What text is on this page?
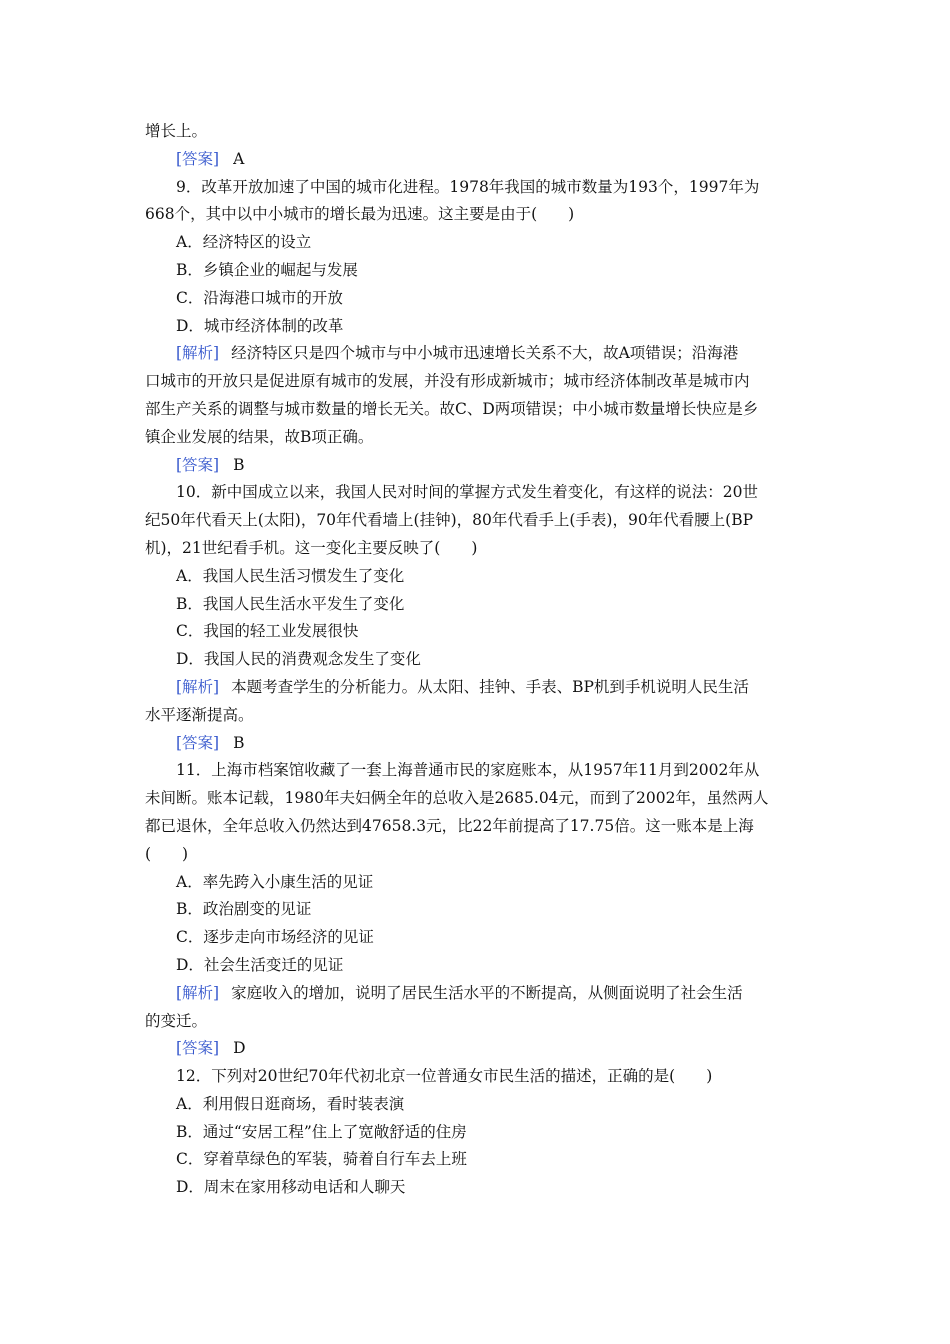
增长上。
[答案] A
9．改革开放加速了中国的城市化进程。1978年我国的城市数量为193个，1997年为
668个，其中以中小城市的增长最为迅速。这主要是由于(　　)
A．经济特区的设立
B．乡镇企业的崛起与发展
C．沿海港口城市的开放
D．城市经济体制的改革
[解析] 经济特区只是四个城市与中小城市迅速增长关系不大，故A项错误；沿海港
口城市的开放只是促进原有城市的发展，并没有形成新城市；城市经济体制改革是城市内
部生产关系的调整与城市数量的增长无关。故C、D两项错误；中小城市数量增长快应是乡
镇企业发展的结果，故B项正确。
[答案] B
10．新中国成立以来，我国人民对时间的掌握方式发生着变化，有这样的说法：20世
纪50年代看天上(太阳)，70年代看墙上(挂钟)，80年代看手上(手表)，90年代看腰上(BP
机)，21世纪看手机。这一变化主要反映了(　　)
A．我国人民生活习惯发生了变化
B．我国人民生活水平发生了变化
C．我国的轻工业发展很快
D．我国人民的消费观念发生了变化
[解析] 本题考查学生的分析能力。从太阳、挂钟、手表、BP机到手机说明人民生活
水平逐渐提高。
[答案] B
11．上海市档案馆收藏了一套上海普通市民的家庭账本，从1957年11月到2002年从
未间断。账本记载，1980年夫妇俩全年的总收入是2685.04元，而到了2002年，虽然两人
都已退休，全年总收入仍然达到47658.3元，比22年前提高了17.75倍。这一账本是上海
(　　)
A．率先跨入小康生活的见证
B．政治剧变的见证
C．逐步走向市场经济的见证
D．社会生活变迁的见证
[解析] 家庭收入的增加，说明了居民生活水平的不断提高，从侧面说明了社会生活
的变迁。
[答案] D
12．下列对20世纪70年代初北京一位普通女市民生活的描述，正确的是(　　)
A．利用假日逛商场，看时装表演
B．通过“安居工程”住上了宽敞舒适的住房
C．穿着草绿色的军装，骑着自行车去上班
D．周末在家用移动电话和人聊天
